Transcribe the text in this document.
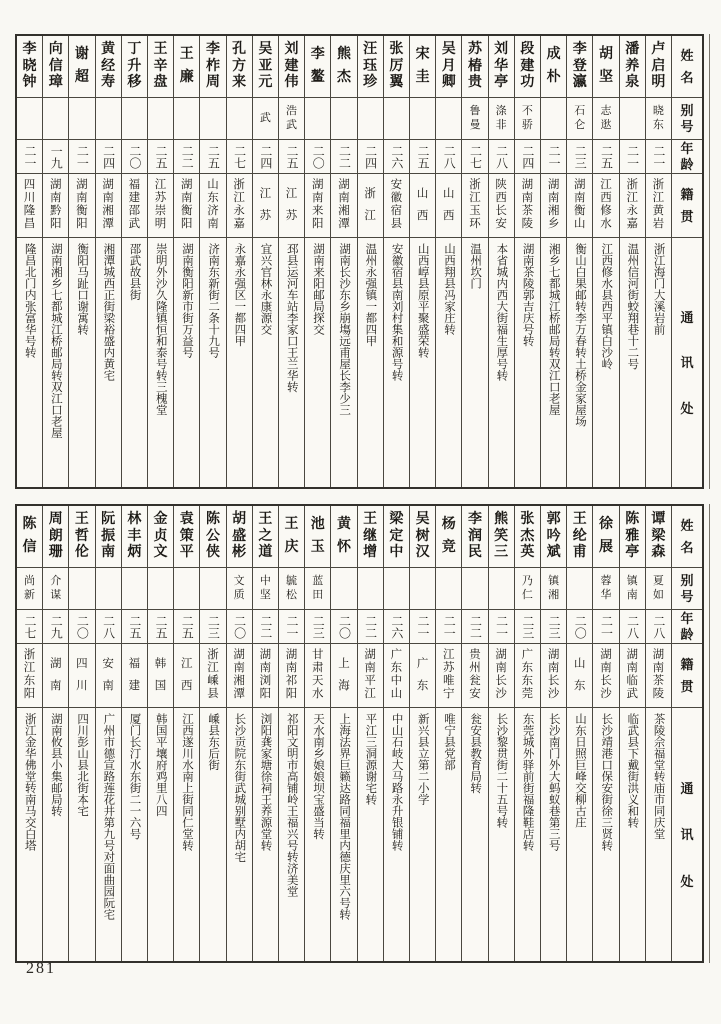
姓
名
别
号
年
龄
籍
贯
通
讯
处
卢
启
明
晓
东
二一
浙
江
黄
岩
浙江海门大溪岩前
潘
养
泉
二一
浙
江
永
嘉
温州信河街蛟翔巷十二号
胡
坚
志
逖
二五
江
西
修
水
江西修水县西平镇白沙岭
李
登
瀛
石
仑
二三
湖
南
衡
山
衡山白果邮转李万春转土桥金家屋场
成
朴
二一
湖
南
湘
乡
湘乡七都城江桥邮局转双江口老屋
段
建
功
不
骄
二四
湖
南
茶
陵
湖南茶陵郭吉庆号转
刘
华
亭
涤
非
二八
陕
西
长
安
本省城内西大街福生厚号转
苏
椿
贵
鲁
曼
二七
浙
江
玉
环
温州坎门
吴
月
卿
二八
山
西
山西翔县冯家庄转
宋
圭
二五
山
西
山西崞县原平聚盛荣转
张
厉
翼
二六
安
徽
宿
县
安徽宿县南刘村集和源号转
汪
珏
珍
二四
浙
江
温州永强镇一都四甲
熊
杰
二二
湖
南
湘
潭
湖南长沙东乡崩塲远甫屋长李少三
李
鳌
二〇
湖
南
来
阳
湖南来阳邮局探交
刘
建
伟
浩
武
二五
江
苏
邳县运河车站李家口王兰华转
吴
亚
元
武
二四
江
苏
宜兴官林永康源交
孔
方
来
二七
浙
江
永
嘉
永嘉永强区一都四甲
李
柞
周
二五
山
东
济
南
济南东新街二条十九号
王
廉
二二
湖
南
衡
阳
湖南衡阳新市街万益号
王
辛
盘
二五
江
苏
崇
明
崇明外沙久隆镇恒和泰号转三槐堂
丁
升
移
二〇
福
建
邵
武
邵武故县街
黄
经
寿
二四
湖
南
湘
潭
湘潭城西正街梁裕盛内黄宅
谢
超
二一
湖
南
衡
阳
衡阳马趾口谢寓转
向
信
璋
一九
湖
南
黔
阳
湖南湘乡七都城江桥邮局转双江口老屋
李
晓
钟
二一
四
川
隆
昌
隆昌北门内张富华号转
姓
名
别
号
年
龄
籍
贯
通
讯
处
谭
梁
森
夏
如
二八
湖
南
茶
陵
茶陵佘福堂转庙市同庆堂
陈
雅
亭
镇
南
二八
湖
南
临
武
临武县下戴街洪义和转
徐
展
蓉
华
二一
湖
南
长
沙
长沙靖港口保安街徐三贤转
王
纶
甫
二〇
山
东
山东日照巨峰交柳古庄
郭
吟
斌
镇
湘
二三
湖
南
长
沙
长沙南门外大蚂蚁巷第三号
张
杰
英
乃
仁
二三
广
东
东
莞
东莞城外驿前街福隆鞋店转
熊
笑
三
二一
湖
南
长
沙
长沙黎贯街二十五号转
李
润
民
二二
贵
州
瓮
安
瓮安县教育局转
杨
竞
二一
江
苏
唯
宁
唯宁县党部
吴
树
汉
二一
广
东
新兴县立第二小学
梁
定
中
二六
广
东
中
山
中山石岐大马路永升银铺转
王
继
增
二二
湖
南
平
江
平江三洞源谢宅转
黄
怀
二〇
上
海
上海法界巨籁达路同福里内德庆里六号转
池
玉
蓝
田
二三
甘
肃
天
水
天水南乡娘娘坝宝盛当转
王
庆
毓
松
二一
湖
南
祁
阳
祁阳文明市高铺岭王福兴号转济美堂
王
之
道
中
坚
二二
湖
南
浏
阳
浏阳龚家塘徐祠王养源堂转
胡
盛
彬
文
质
二〇
湖
南
湘
潭
长沙贡院东街武城别墅内胡宅
陈
公
侠
二三
浙
江
嵊
县
嵊县东后街
袁
策
平
二五
江
西
江西遂川水南上街同仁堂转
金
贞
文
二五
韩
国
韩国平壤府鸡里八四
林
丰
炳
二五
福
建
厦门长汀水东街二一六号
阮
振
南
二八
安
南
广州市德宣路莲花井第九号对面曲园阮宅
王
哲
伦
二〇
四
川
四川彭山县北街本宅
周
朗
珊
介
谋
二九
湖
南
湖南攸县小集邮局转
陈
信
尚
新
二七
浙
江
东
阳
浙江金华佛堂转南马交白塔
281
